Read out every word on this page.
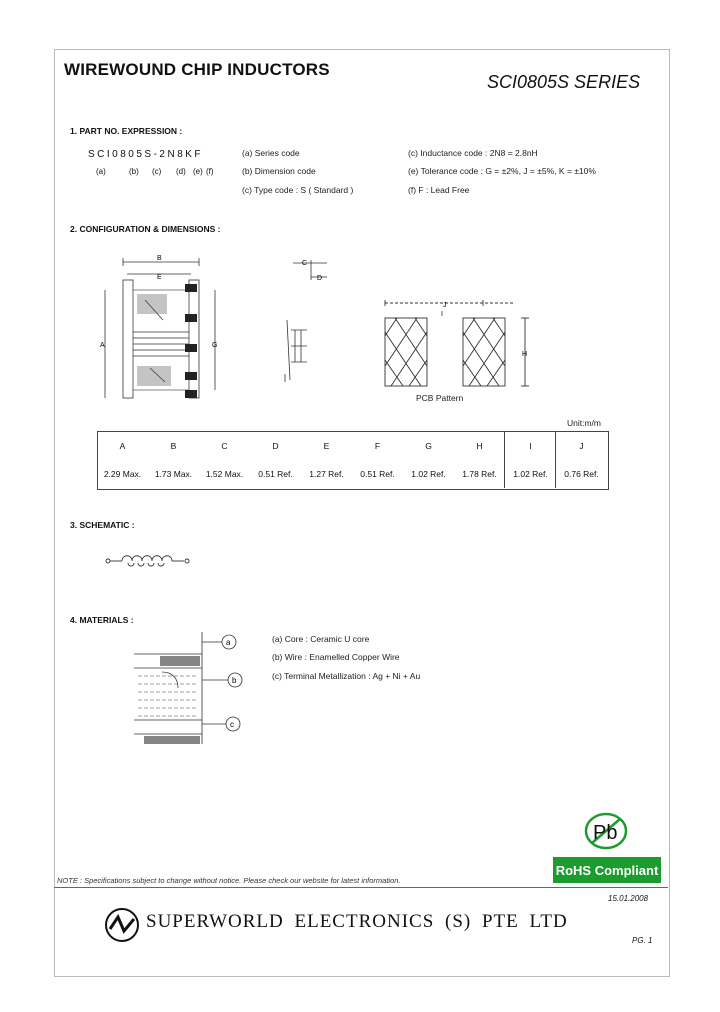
WIREWOUND CHIP INDUCTORS
SCI0805S SERIES
1. PART NO. EXPRESSION :
SCI0805S-2N8KF
(a)	(b) (c) (d) (e) (f)
(a) Series code
(b) Dimension code
(c) Type code : S ( Standard )
(c) Inductance code : 2N8 = 2.8nH
(e) Tolerance code : G = ±2%, J = ±5%, K = ±10%
(f) F : Lead Free
2. CONFIGURATION & DIMENSIONS :
B
E
A	G
C
D
J
H
I
PCB Pattern
Unit:m/m
A	B	C	D	E	F	G	H	I	J
2.29 Max.	1.73 Max.	1.52 Max.	0.51 Ref.	1.27 Ref.	0.51 Ref.	1.02 Ref.	1.78 Ref.	1.02 Ref.	0.76 Ref.
3. SCHEMATIC :
4. MATERIALS :
a
b
c
(a) Core : Ceramic U core
(b) Wire : Enamelled Copper Wire
(c) Terminal Metallization : Ag + Ni + Au
Pb
RoHS Compliant
NOTE : Specifications subject to change without notice. Please check our website for latest information.
15.01.2008
SUPERWORLD ELECTRONICS (S) PTE LTD
PG. 1
